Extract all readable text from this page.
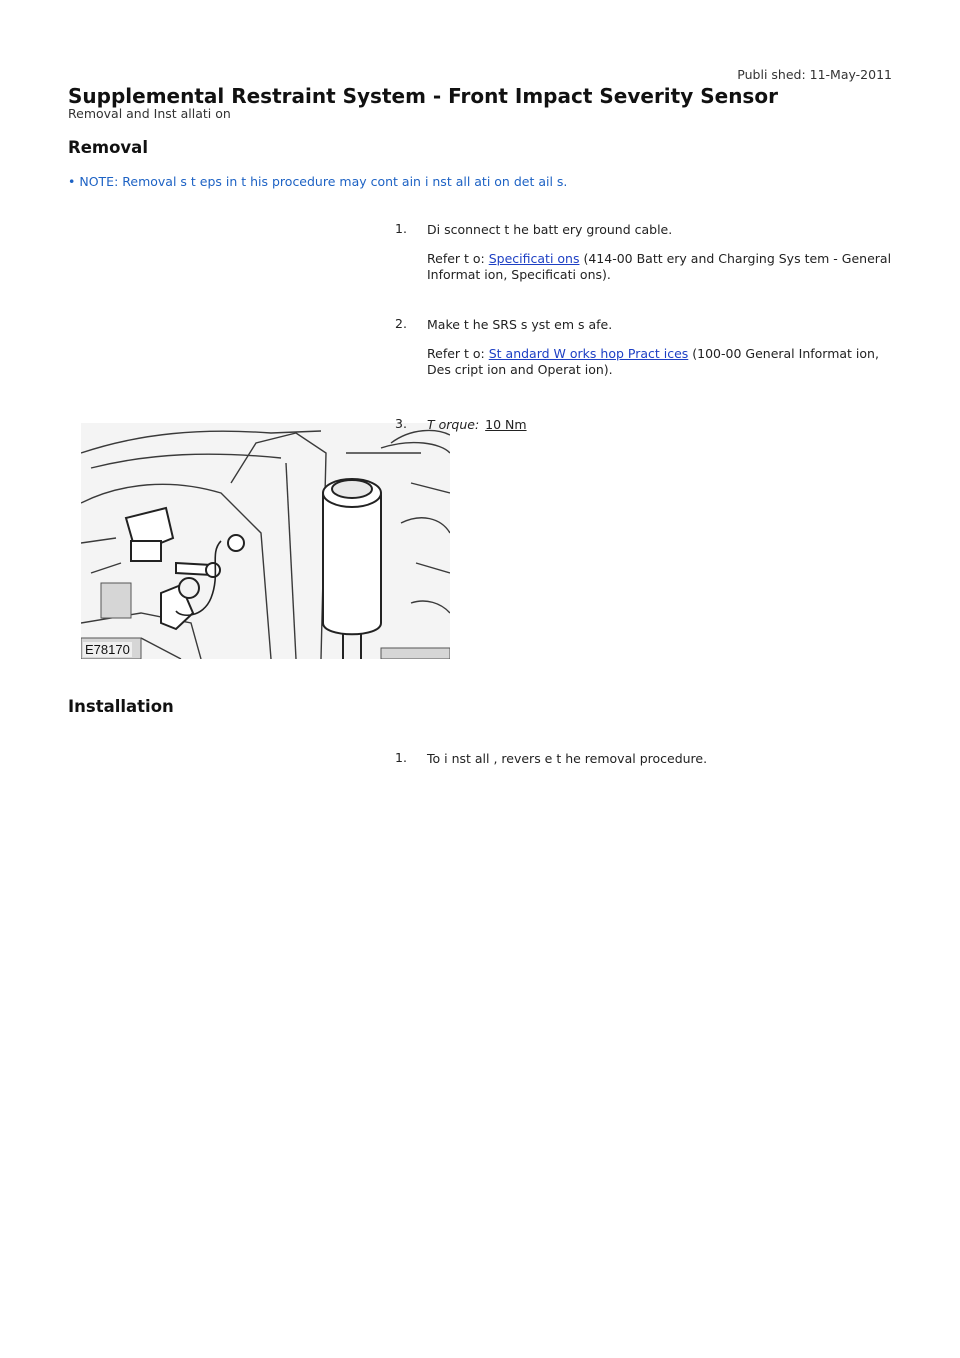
Publi shed: 11-May-2011
Supplemental Restraint System - Front Impact Severity Sensor
Removal and Inst allati on
Removal
• NOTE: Removal s t eps in t his procedure may cont ain i nst all ati on det ail s.
1.	Di sconnect t he batt ery ground cable.
Refer t o: Specificati ons (414-00 Batt ery and Charging Sys tem - General Informat ion, Specificati ons).
2.	Make t he SRS s yst em s afe.
Refer t o: St andard W orks hop Pract ices (100-00 General Informat ion, Des cript ion and Operat ion).
E78170
3.	T orque: 10 Nm
Installation
1.	To i nst all , revers e t he removal procedure.
